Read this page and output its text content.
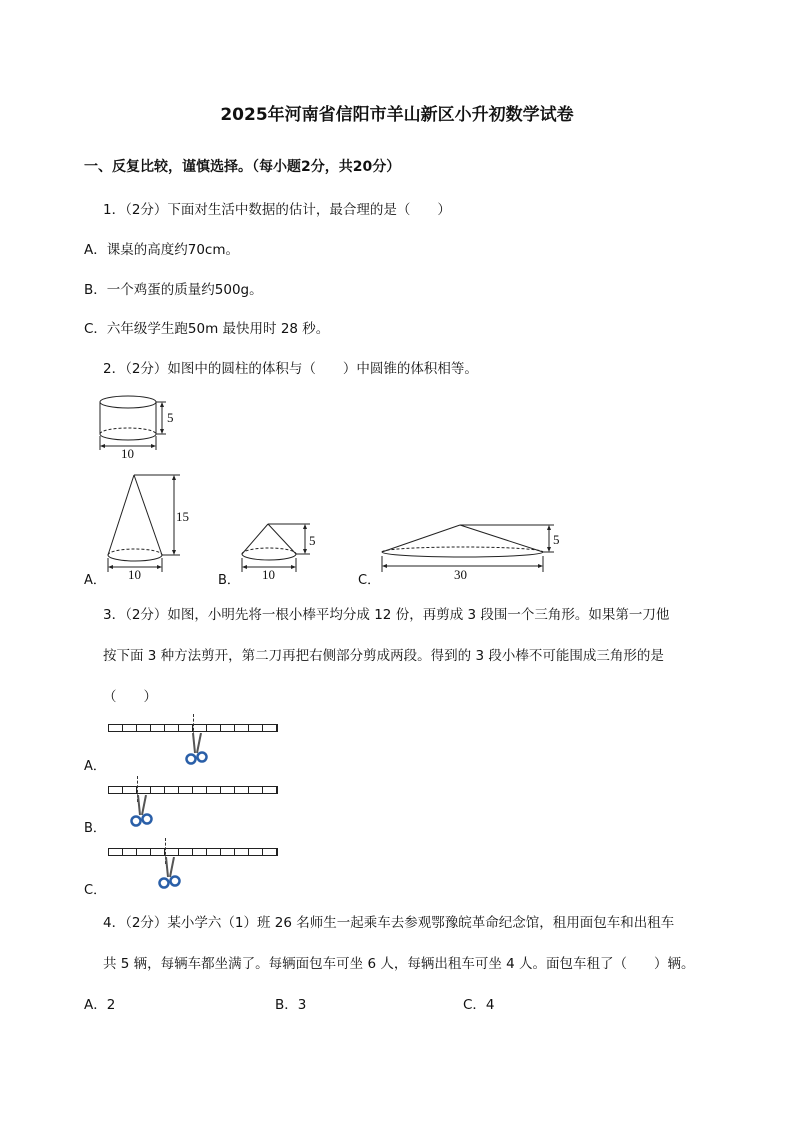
2025年河南省信阳市羊山新区小升初数学试卷
一、反复比较，谨慎选择。（每小题2分，共20分）
1．（2分）下面对生活中数据的估计，最合理的是（　　）
A．课桌的高度约70cm。
B．一个鸡蛋的质量约500g。
C．六年级学生跑50m 最快用时 28 秒。
2．（2分）如图中的圆柱的体积与（　　）中圆锥的体积相等。
5
10
15
10
A．
5
10
B．
5
30
C．
3．（2分）如图，小明先将一根小棒平均分成 12 份，再剪成 3 段围一个三角形。如果第一刀他
按下面 3 种方法剪开，第二刀再把右侧部分剪成两段。得到的 3 段小棒不可能围成三角形的是
（　　）
A．
B．
C．
4．（2分）某小学六（1）班 26 名师生一起乘车去参观鄂豫皖革命纪念馆，租用面包车和出租车
共 5 辆，每辆车都坐满了。每辆面包车可坐 6 人，每辆出租车可坐 4 人。面包车租了（　　）辆。
A．2	B．3	C．4
